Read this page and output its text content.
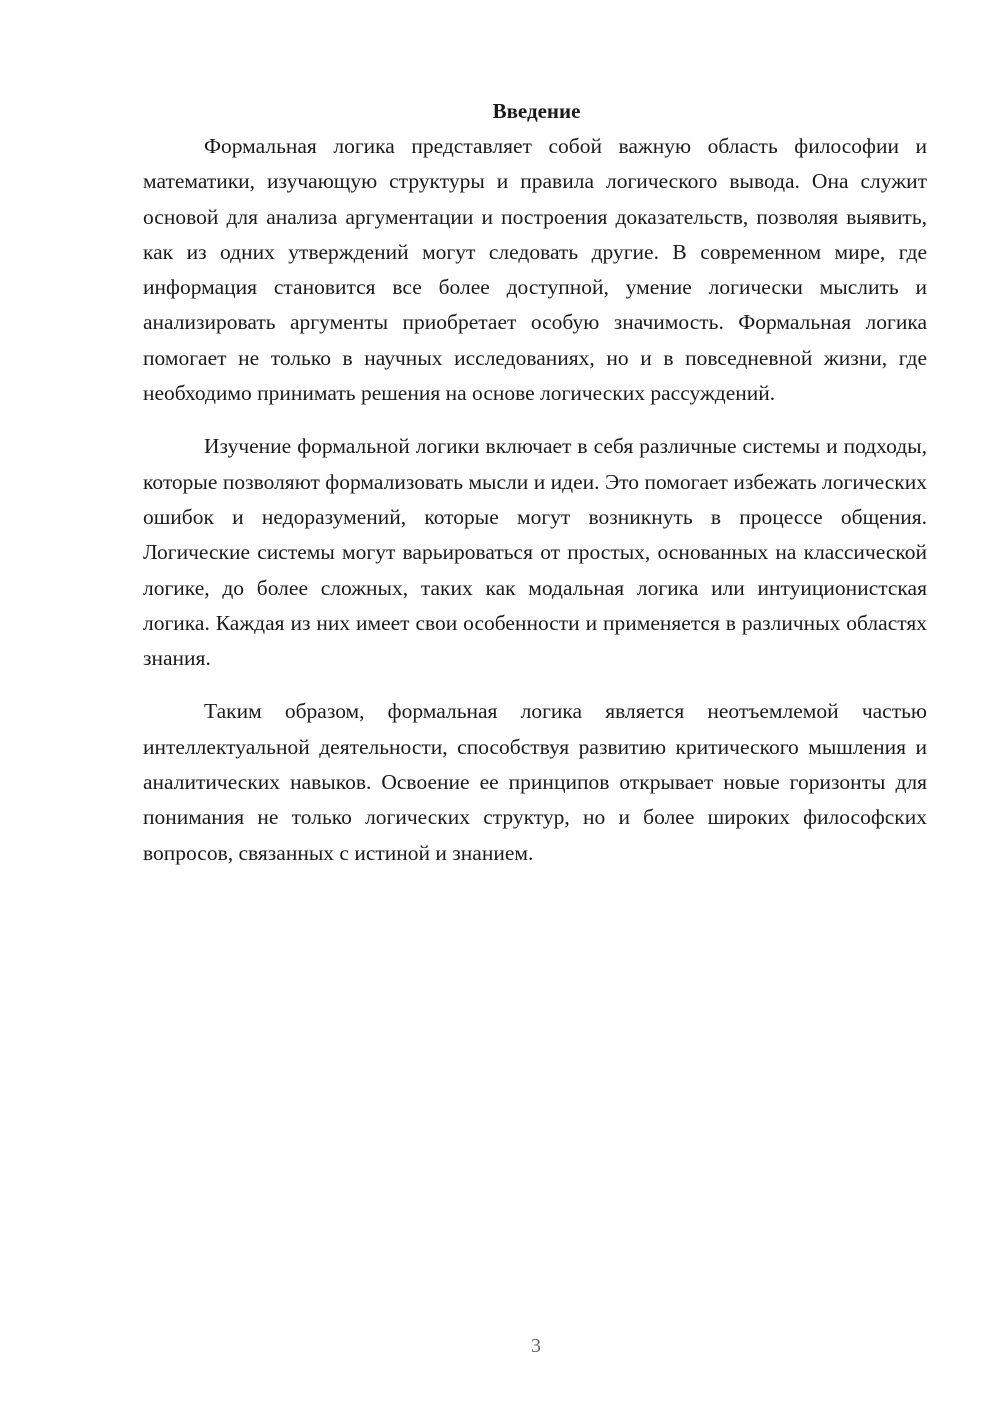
Введение

Формальная логика представляет собой важную область философии и математики, изучающую структуры и правила логического вывода. Она служит основой для анализа аргументации и построения доказательств, позволяя выявить, как из одних утверждений могут следовать другие. В современном мире, где информация становится все более доступной, умение логически мыслить и анализировать аргументы приобретает особую значимость. Формальная логика помогает не только в научных исследованиях, но и в повседневной жизни, где необходимо принимать решения на основе логических рассуждений.

Изучение формальной логики включает в себя различные системы и подходы, которые позволяют формализовать мысли и идеи. Это помогает избежать логических ошибок и недоразумений, которые могут возникнуть в процессе общения. Логические системы могут варьироваться от простых, основанных на классической логике, до более сложных, таких как модальная логика или интуиционистская логика. Каждая из них имеет свои особенности и применяется в различных областях знания.

Таким образом, формальная логика является неотъемлемой частью интеллектуальной деятельности, способствуя развитию критического мышления и аналитических навыков. Освоение ее принципов открывает новые горизонты для понимания не только логических структур, но и более широких философских вопросов, связанных с истиной и знанием.

3
